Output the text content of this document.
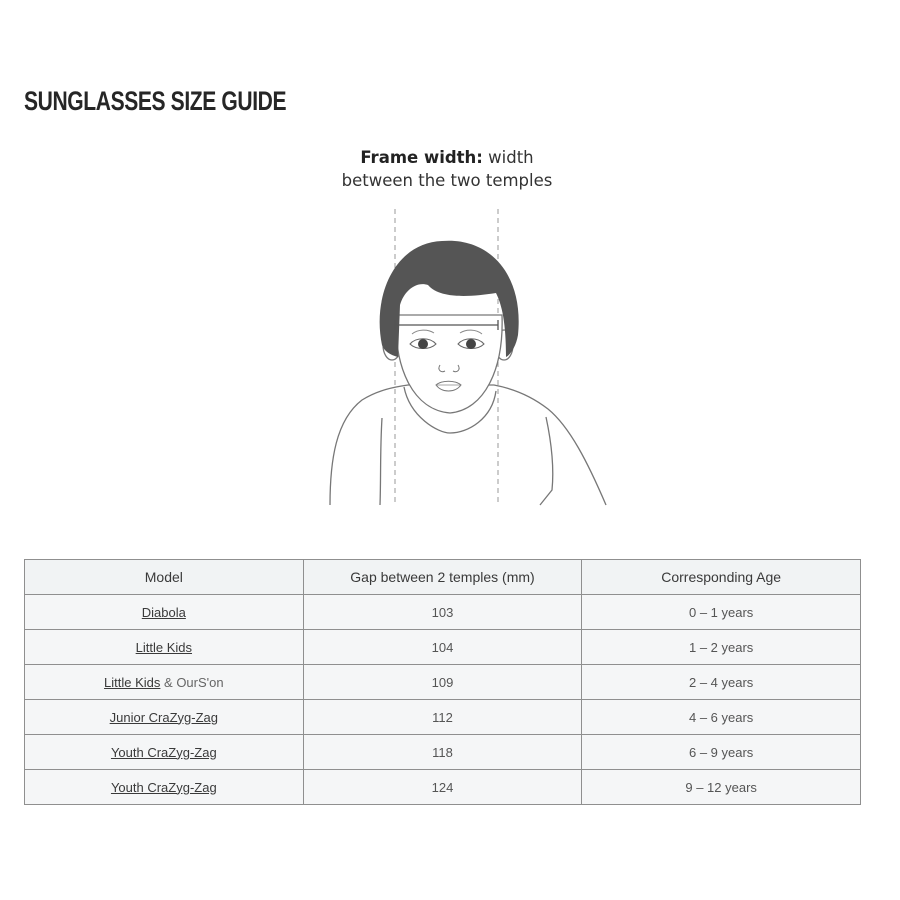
SUNGLASSES SIZE GUIDE
Frame width: width
between the two temples
Model	Gap between 2 temples (mm)	Corresponding Age
Diabola	103	0 – 1 years
Little Kids	104	1 – 2 years
Little Kids & OurS'on	109	2 – 4 years
Junior CraZyg-Zag	112	4 – 6 years
Youth CraZyg-Zag	118	6 – 9 years
Youth CraZyg-Zag	124	9 – 12 years
